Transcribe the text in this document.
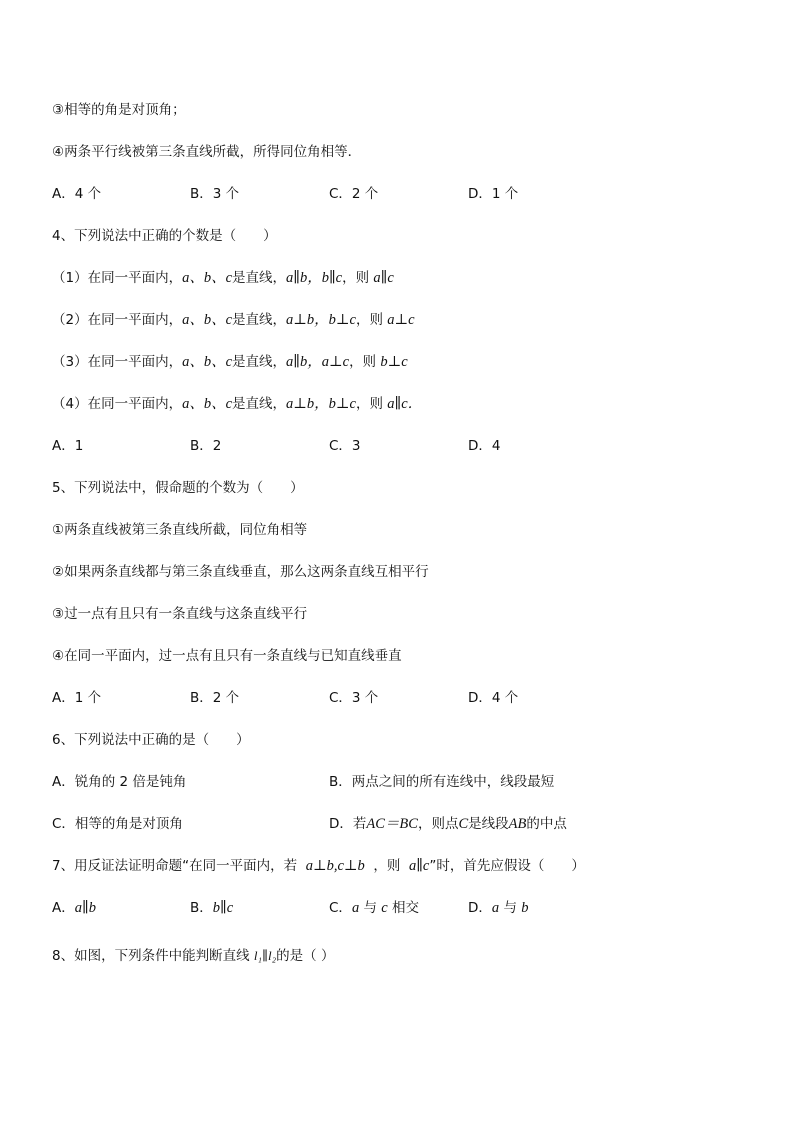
③相等的角是对顶角；
④两条平行线被第三条直线所截，所得同位角相等．
A．4 个	B．3 个	C．2 个	D．1 个
4、下列说法中正确的个数是（　　）
（1）在同一平面内，a、b、c是直线，a∥b，b∥c，则 a∥c
（2）在同一平面内，a、b、c是直线，a⊥b，b⊥c，则 a⊥c
（3）在同一平面内，a、b、c是直线，a∥b，a⊥c，则 b⊥c
（4）在同一平面内，a、b、c是直线，a⊥b，b⊥c，则 a∥c．
A．1	B．2	C．3	D．4
5、下列说法中，假命题的个数为（　　）
①两条直线被第三条直线所截，同位角相等
②如果两条直线都与第三条直线垂直，那么这两条直线互相平行
③过一点有且只有一条直线与这条直线平行
④在同一平面内，过一点有且只有一条直线与已知直线垂直
A．1 个	B．2 个	C．3 个	D．4 个
6、下列说法中正确的是（　　）
A．锐角的 2 倍是钝角	B．两点之间的所有连线中，线段最短
C．相等的角是对顶角	D．若AC＝BC，则点C是线段AB的中点
7、用反证法证明命题“在同一平面内，若 a⊥b,c⊥b ，则 a∥c”时，首先应假设（　　）
A．a∥b	B．b∥c	C．a 与 c 相交	D．a 与 b
8、如图，下列条件中能判断直线 l₁∥l₂的是（ ）
